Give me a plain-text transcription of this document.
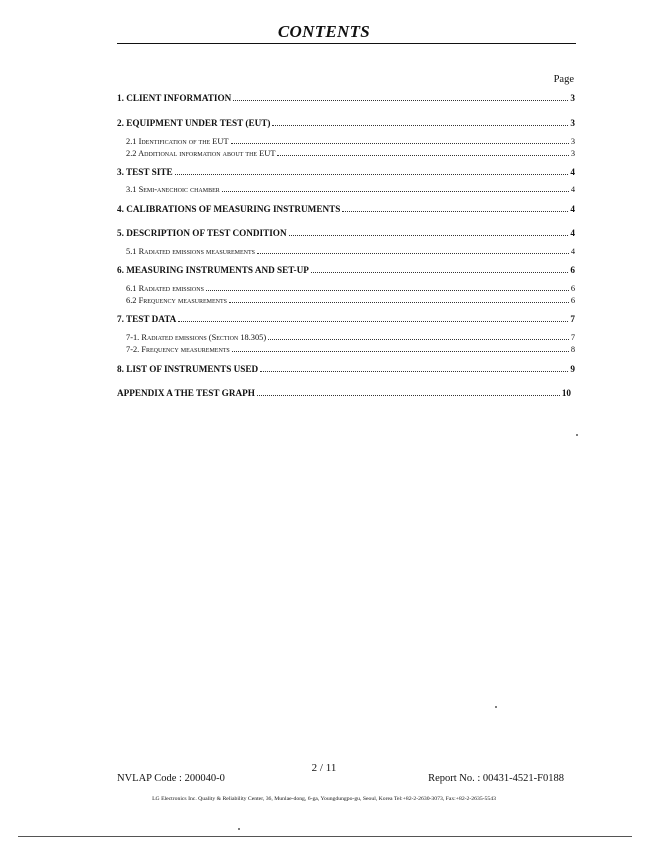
CONTENTS
Page
1. CLIENT INFORMATION	3
2. EQUIPMENT UNDER TEST (EUT)	3
2.1 Identification of the EUT	3
2.2 Additional information about the EUT	3
3. TEST SITE	4
3.1 Semi-anechoic chamber	4
4. CALIBRATIONS OF MEASURING INSTRUMENTS	4
5. DESCRIPTION OF TEST CONDITION	4
5.1 Radiated emissions measurements	4
6. MEASURING INSTRUMENTS AND SET-UP	6
6.1 Radiated emissions	6
6.2 Frequency measurements	6
7. TEST DATA	7
7-1. Radiated emissions (Section 18.305)	7
7-2. Frequency measurements	8
8. LIST OF INSTRUMENTS USED	9
APPENDIX A THE TEST GRAPH	10
2 / 11
NVLAP Code : 200040-0	Report No. : 00431-4521-F0188
LG Electronics Inc. Quality & Reliability Center, 36, Munlae-dong, 6-ga, Youngdungpo-gu, Seoul, Korea Tel:+82-2-2630-3073, Fax:+82-2-2635-5543
